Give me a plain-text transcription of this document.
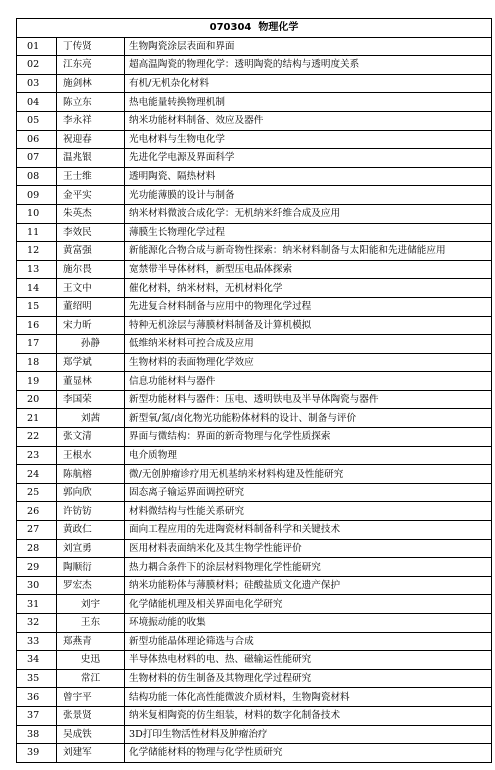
070304 物理化学		
01	丁传贤	生物陶瓷涂层表面和界面
02	江东亮	超高温陶瓷的物理化学：透明陶瓷的结构与透明度关系
03	施剑林	有机/无机杂化材料
04	陈立东	热电能量转换物理机制
05	李永祥	纳米功能材料制备、效应及器件
06	祝迎春	光电材料与生物电化学
07	温兆银	先进化学电源及界面科学
08	王士维	透明陶瓷、隔热材料
09	金平实	光功能薄膜的设计与制备
10	朱英杰	纳米材料微波合成化学：无机纳米纤维合成及应用
11	李效民	薄膜生长物理化学过程
12	黄富强	新能源化合物合成与新奇物性探索：纳米材料制备与太阳能和先进储能应用
13	施尔畏	宽禁带半导体材料，新型压电晶体探索
14	王文中	催化材料，纳米材料，无机材料化学
15	董绍明	先进复合材料制备与应用中的物理化学过程
16	宋力昕	特种无机涂层与薄膜材料制备及计算机模拟
17	孙静	低维纳米材料可控合成及应用
18	郑学斌	生物材料的表面物理化学效应
19	董显林	信息功能材料与器件
20	李国荣	新型功能材料与器件：压电、透明铁电及半导体陶瓷与器件
21	刘茜	新型氧/氮/卤化物光功能粉体材料的设计、制备与评价
22	张文清	界面与微结构：界面的新奇物理与化学性质探索
23	王根水	电介质物理
24	陈航榕	微/无创肿瘤诊疗用无机基纳米材料构建及性能研究
25	郭向欣	固态离子输运界面调控研究
26	许钫钫	材料微结构与性能关系研究
27	黄政仁	面向工程应用的先进陶瓷材料制备科学和关键技术
28	刘宣勇	医用材料表面纳米化及其生物学性能评价
29	陶顺衍	热力耦合条件下的涂层材料物理化学性能研究
30	罗宏杰	纳米功能粉体与薄膜材料；硅酸盐质文化遗产保护
31	刘宇	化学储能机理及相关界面电化学研究
32	王东	环境振动能的收集
33	郑燕青	新型功能晶体理论筛选与合成
34	史迅	半导体热电材料的电、热、磁输运性能研究
35	常江	生物材料的仿生制备及其物理化学过程研究
36	曾宇平	结构功能一体化高性能微波介质材料，生物陶瓷材料
37	张景贤	纳米复相陶瓷的仿生组装，材料的数字化制备技术
38	吴成铁	3D打印生物活性材料及肿瘤治疗
39	刘建军	化学储能材料的物理与化学性质研究
